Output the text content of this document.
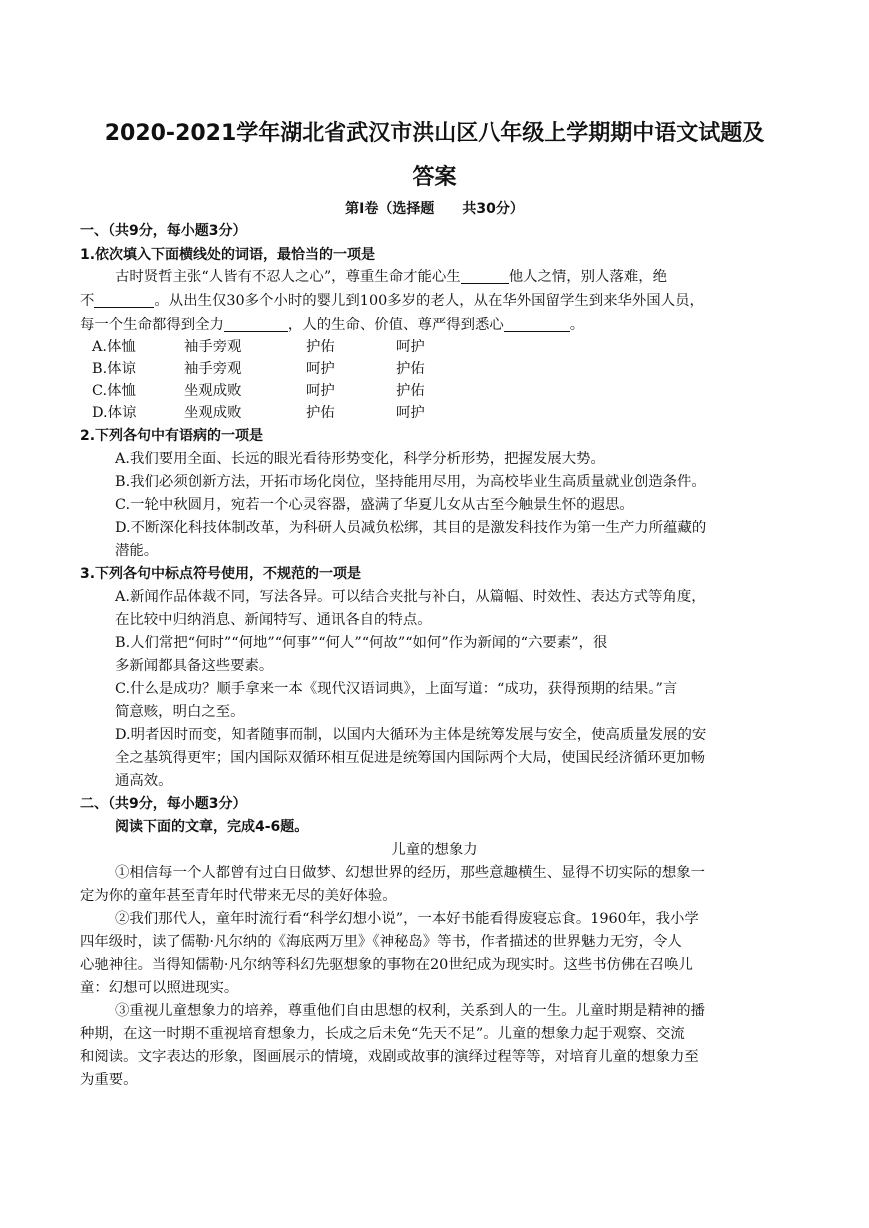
2020-2021学年湖北省武汉市洪山区八年级上学期期中语文试题及
答案
第Ⅰ卷（选择题　　共30分）
一、（共9分，每小题3分）
1.依次填入下面横线处的词语，最恰当的一项是
古时贤哲主张“人皆有不忍人之心”，尊重生命才能心生	他人之情，别人落难，绝
不	。从出生仅30多个小时的婴儿到100多岁的老人，从在华外国留学生到来华外国人员，
每一个生命都得到全力	，人的生命、价值、尊严得到悉心	。
A.体恤	袖手旁观	护佑	呵护
B.体谅	袖手旁观	呵护	护佑
C.体恤	坐观成败	呵护	护佑
D.体谅	坐观成败	护佑	呵护
2.下列各句中有语病的一项是
A.我们要用全面、长远的眼光看待形势变化，科学分析形势，把握发展大势。
B.我们必须创新方法，开拓市场化岗位，坚持能用尽用，为高校毕业生高质量就业创造条件。
C.一轮中秋圆月，宛若一个心灵容器，盛满了华夏儿女从古至今触景生怀的遐思。
D.不断深化科技体制改革，为科研人员减负松绑，其目的是激发科技作为第一生产力所蕴藏的
潜能。
3.下列各句中标点符号使用，不规范的一项是
A.新闻作品体裁不同，写法各异。可以结合夹批与补白，从篇幅、时效性、表达方式等角度，
在比较中归纳消息、新闻特写、通讯各自的特点。
B.人们常把“何时”“何地”“何事”“何人”“何故”“如何”作为新闻的“六要素”，很
多新闻都具备这些要素。
C.什么是成功？顺手拿来一本《现代汉语词典》，上面写道：“成功，获得预期的结果。”言
简意赅，明白之至。
D.明者因时而变，知者随事而制，以国内大循环为主体是统筹发展与安全，使高质量发展的安
全之基筑得更牢；国内国际双循环相互促进是统筹国内国际两个大局，使国民经济循环更加畅
通高效。
二、（共9分，每小题3分）
阅读下面的文章，完成4-6题。
儿童的想象力
①相信每一个人都曾有过白日做梦、幻想世界的经历，那些意趣横生、显得不切实际的想象一
定为你的童年甚至青年时代带来无尽的美好体验。
②我们那代人，童年时流行看“科学幻想小说”，一本好书能看得废寝忘食。1960年，我小学
四年级时，读了儒勒·凡尔纳的《海底两万里》《神秘岛》等书，作者描述的世界魅力无穷，令人
心驰神往。当得知儒勒·凡尔纳等科幻先驱想象的事物在20世纪成为现实时。这些书仿佛在召唤儿
童：幻想可以照进现实。
③重视儿童想象力的培养，尊重他们自由思想的权利，关系到人的一生。儿童时期是精神的播
种期，在这一时期不重视培育想象力，长成之后未免“先天不足”。儿童的想象力起于观察、交流
和阅读。文字表达的形象，图画展示的情境，戏剧或故事的演绎过程等等，对培育儿童的想象力至
为重要。
